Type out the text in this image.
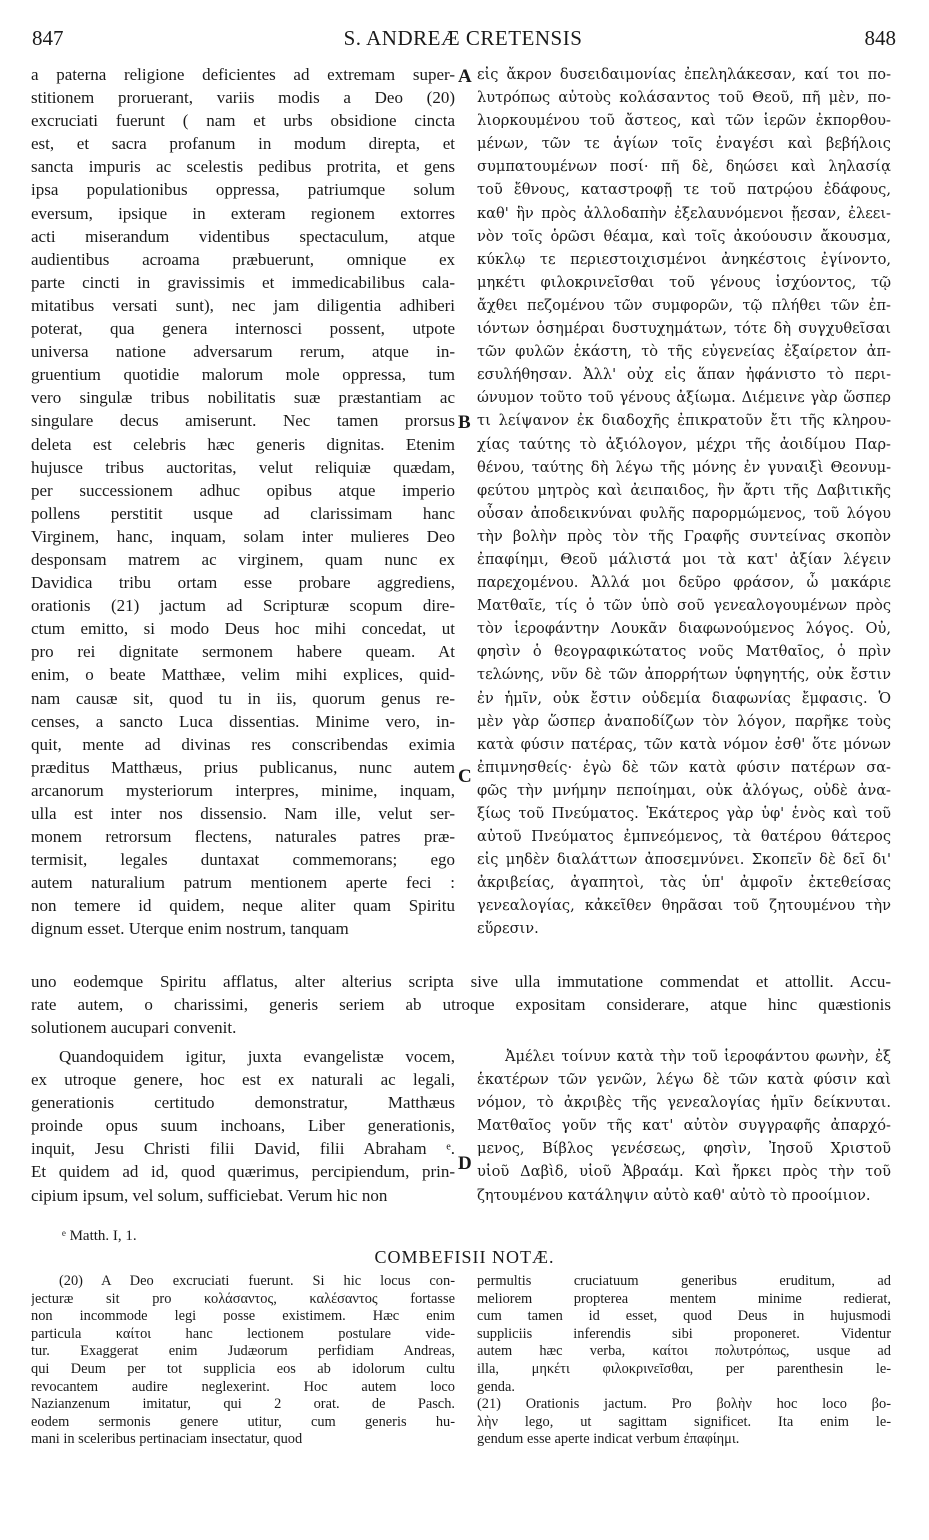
847	S. ANDREÆ CRETENSIS	848
a paterna religione deficientes ad extremam super-
stitionem proruerant, variis modis a Deo (20)
excruciati fuerunt ( nam et urbs obsidione cincta
est, et sacra profanum in modum direpta, et
sancta impuris ac scelestis pedibus protrita, et gens
ipsa populationibus oppressa, patriumque solum
eversum, ipsique in exteram regionem extorres
acti miserandum videntibus spectaculum, atque
audientibus acroama præbuerunt, omnique ex
parte cincti in gravissimis et immedicabilibus cala-
mitatibus versati sunt), nec jam diligentia adhiberi
poterat, qua genera internosci possent, utpote
universa natione adversarum rerum, atque in-
gruentium quotidie malorum mole oppressa, tum
vero singulæ tribus nobilitatis suæ præstantiam ac
singulare decus amiserunt. Nec tamen prorsus
deleta est celebris hæc generis dignitas. Etenim
hujusce tribus auctoritas, velut reliquiæ quædam,
per successionem adhuc opibus atque imperio
pollens perstitit usque ad clarissimam hanc
Virginem, hanc, inquam, solam inter mulieres Deo
desponsam matrem ac virginem, quam nunc ex
Davidica tribu ortam esse probare aggrediens,
orationis (21) jactum ad Scripturæ scopum dire-
ctum emitto, si modo Deus hoc mihi concedat, ut
pro rei dignitate sermonem habere queam. At
enim, o beate Matthæe, velim mihi explices, quid-
nam causæ sit, quod tu in iis, quorum genus re-
censes, a sancto Luca dissentias. Minime vero, in-
quit, mente ad divinas res conscribendas eximia
præditus Matthæus, prius publicanus, nunc autem
arcanorum mysteriorum interpres, minime, inquam,
ulla est inter nos dissensio. Nam ille, velut ser-
monem retrorsum flectens, naturales patres præ-
termisit, legales duntaxat commemorans; ego
autem naturalium patrum mentionem aperte feci :
non temere id quidem, neque aliter quam Spiritu
dignum esset. Uterque enim nostrum, tanquam
εἰς ἄκρον δυσειδαιμονίας ἐπεληλάκεσαν, καί τοι πο-
λυτρόπως αὐτοὺς κολάσαντος τοῦ Θεοῦ, πῆ μὲν, πο-
λιορκουμένου τοῦ ἄστεος, καὶ τῶν ἱερῶν ἐκπορθου-
μένων, τῶν τε ἁγίων τοῖς ἐναγέσι καὶ βεβήλοις
συμπατουμένων ποσί· πῆ δὲ, δηώσει καὶ ληλασίᾳ
τοῦ ἔθνους, καταστροφῇ τε τοῦ πατρῴου ἐδάφους,
καθ' ἣν πρὸς ἀλλοδαπὴν ἐξελαυνόμενοι ᾔεσαν, ἐλεει-
νὸν τοῖς ὁρῶσι θέαμα, καὶ τοῖς ἀκούουσιν ἄκουσμα,
κύκλῳ τε περιεστοιχισμένοι ἀνηκέστοις ἐγίνοντο,
μηκέτι φιλοκρινεῖσθαι τοῦ γένους ἰσχύοντος, τῷ
ἄχθει πεζομένου τῶν συμφορῶν, τῷ πλήθει τῶν ἐπ-
ιόντων ὁσημέραι δυστυχημάτων, τότε δὴ συγχυθεῖσαι
τῶν φυλῶν ἑκάστη, τὸ τῆς εὐγενείας ἐξαίρετον ἀπ-
εσυλήθησαν. Ἀλλ' οὐχ εἰς ἅπαν ἠφάνιστο τὸ περι-
ώνυμον τοῦτο τοῦ γένους ἀξίωμα. Διέμεινε γὰρ ὥσπερ
τι λείψανον ἐκ διαδοχῆς ἐπικρατοῦν ἔτι τῆς κληρου-
χίας ταύτης τὸ ἀξιόλογον, μέχρι τῆς ἀοιδίμου Παρ-
θένου, ταύτης δὴ λέγω τῆς μόνης ἐν γυναιξὶ Θεονυμ-
φεύτου μητρὸς καὶ ἀειπαιδος, ἣν ἄρτι τῆς Δαβιτικῆς
οὖσαν ἀποδεικνύναι φυλῆς παρορμώμενος, τοῦ λόγου
τὴν βολὴν πρὸς τὸν τῆς Γραφῆς συντείνας σκοπὸν
ἐπαφίημι, Θεοῦ μάλιστά μοι τὰ κατ' ἀξίαν λέγειν
παρεχομένου. Ἀλλά μοι δεῦρο φράσον, ὦ μακάριε
Ματθαῖε, τίς ὁ τῶν ὑπὸ σοῦ γενεαλογουμένων πρὸς
τὸν ἱεροφάντην Λουκᾶν διαφωνούμενος λόγος. Οὐ,
φησὶν ὁ θεογραφικώτατος νοῦς Ματθαῖος, ὁ πρὶν
τελώνης, νῦν δὲ τῶν ἀπορρήτων ὑφηγητής, οὐκ ἔστιν
ἐν ἡμῖν, οὐκ ἔστιν οὐδεμία διαφωνίας ἔμφασις. Ὁ
μὲν γὰρ ὥσπερ ἀναποδίζων τὸν λόγον, παρῆκε τοὺς
κατὰ φύσιν πατέρας, τῶν κατὰ νόμον ἐσθ' ὅτε μόνων
ἐπιμνησθείς· ἐγὼ δὲ τῶν κατὰ φύσιν πατέρων σα-
φῶς τὴν μνήμην πεποίημαι, οὐκ ἀλόγως, οὐδὲ ἀνα-
ξίως τοῦ Πνεύματος. Ἑκάτερος γὰρ ὑφ' ἑνὸς καὶ τοῦ
αὐτοῦ Πνεύματος ἐμπνεόμενος, τὰ θατέρου θάτερος
εἰς μηδὲν διαλάττων ἀποσεμνύνει. Σκοπεῖν δὲ δεῖ δι'
ἀκριβείας, ἀγαπητοὶ, τὰς ὑπ' ἀμφοῖν ἐκτεθείσας
γενεαλογίας, κἀκεῖθεν θηρᾶσαι τοῦ ζητουμένου τὴν
εὕρεσιν.
A
B
C
D
uno eodemque Spiritu afflatus, alter alterius scripta sive ulla immutatione commendat et attollit. Accu-
rate autem, o charissimi, generis seriem ab utroque expositam considerare, atque hinc quæstionis
solutionem aucupari convenit.
Quandoquidem igitur, juxta evangelistæ vocem,
ex utroque genere, hoc est ex naturali ac legali,
generationis certitudo demonstratur, Matthæus
proinde opus suum inchoans, Liber generationis,
inquit, Jesu Christi filii David, filii Abraham ᵉ.
Et quidem ad id, quod quærimus, percipiendum, prin-
cipium ipsum, vel solum, sufficiebat. Verum hic non
Ἀμέλει τοίνυν κατὰ τὴν τοῦ ἱεροφάντου φωνὴν, ἐξ
ἑκατέρων τῶν γενῶν, λέγω δὲ τῶν κατὰ φύσιν καὶ
νόμον, τὸ ἀκριβὲς τῆς γενεαλογίας ἡμῖν δείκνυται.
Ματθαῖος γοῦν τῆς κατ' αὐτὸν συγγραφῆς ἀπαρχό-
μενος, Βίβλος γενέσεως, φησὶν, Ἰησοῦ Χριστοῦ
υἱοῦ Δαβὶδ, υἱοῦ Ἀβραάμ. Καὶ ἤρκει πρὸς τὴν τοῦ
ζητουμένου κατάληψιν αὐτὸ καθ' αὐτὸ τὸ προοίμιον.
ᵉ Matth. I, 1.
COMBEFISII NOTÆ.
(20) A Deo excruciati fuerunt. Si hic locus con-
jecturæ sit pro κολάσαντος, καλέσαντος fortasse
non incommode legi posse existimem. Hæc enim
particula καίτοι hanc lectionem postulare vide-
tur. Exaggerat enim Judæorum perfidiam Andreas,
qui Deum per tot supplicia eos ab idolorum cultu
revocantem audire neglexerint. Hoc autem loco
Nazianzenum imitatur, qui 2 orat. de Pasch.
eodem sermonis genere utitur, cum generis hu-
mani in sceleribus pertinaciam insectatur, quod
permultis cruciatuum generibus eruditum, ad
meliorem propterea mentem minime redierat,
cum tamen id esset, quod Deus in hujusmodi
suppliciis inferendis sibi proponeret. Videntur
autem hæc verba, καίτοι πολυτρόπως, usque ad
illa, μηκέτι φιλοκρινεῖσθαι, per parenthesin le-
genda.
(21) Orationis jactum. Pro βολὴν hoc loco βο-
λὴν lego, ut sagittam significet. Ita enim le-
gendum esse aperte indicat verbum ἐπαφίημι.
